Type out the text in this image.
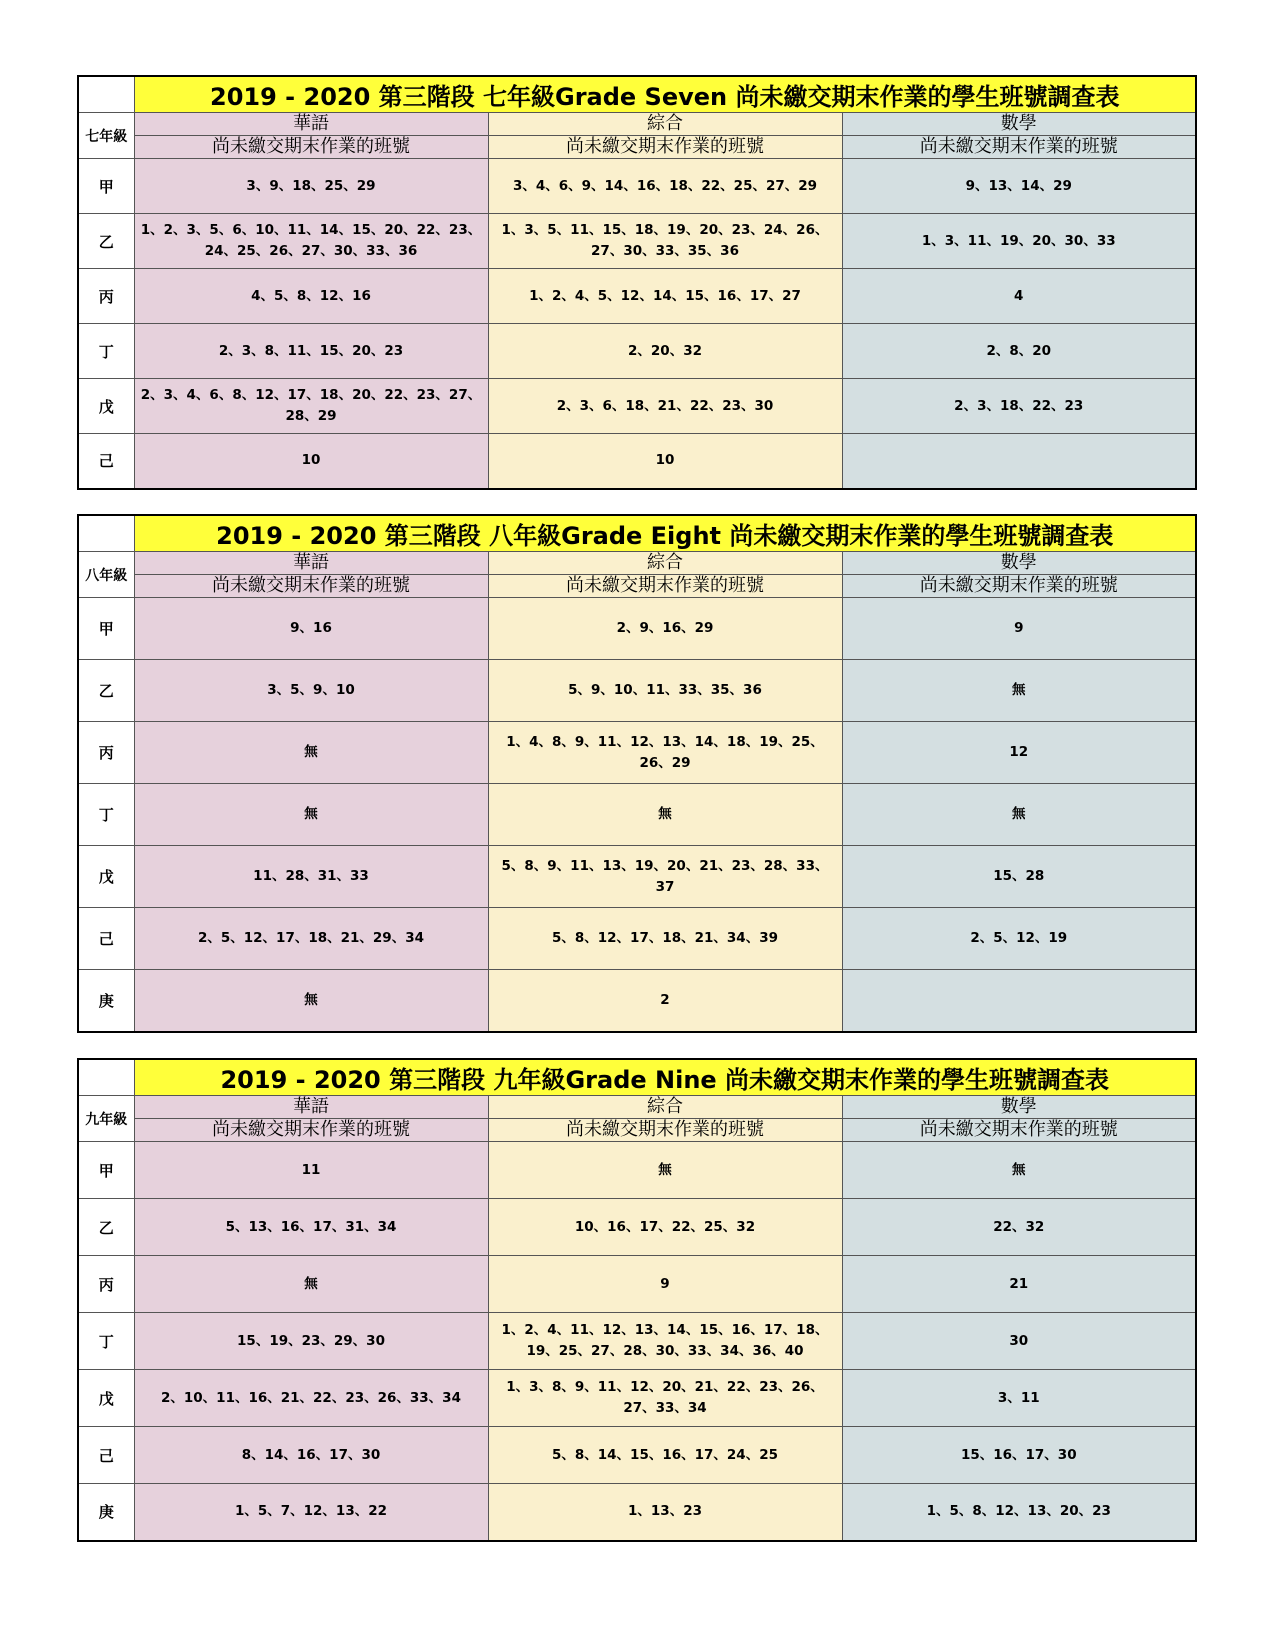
	2019 - 2020 第三階段 七年級Grade Seven 尚未繳交期末作業的學生班號調查表		
七年級	華語	綜合	數學
	尚未繳交期末作業的班號	尚未繳交期末作業的班號	尚未繳交期末作業的班號
甲	3、9、18、25、29	3、4、6、9、14、16、18、22、25、27、29	9、13、14、29
乙	1、2、3、5、6、10、11、14、15、20、22、23、24、25、26、27、30、33、36	1、3、5、11、15、18、19、20、23、24、26、27、30、33、35、36	1、3、11、19、20、30、33
丙	4、5、8、12、16	1、2、4、5、12、14、15、16、17、27	4
丁	2、3、8、11、15、20、23	2、20、32	2、8、20
戊	2、3、4、6、8、12、17、18、20、22、23、27、28、29	2、3、6、18、21、22、23、30	2、3、18、22、23
己	10	10	
	2019 - 2020 第三階段 八年級Grade Eight 尚未繳交期末作業的學生班號調查表		
八年級	華語	綜合	數學
	尚未繳交期末作業的班號	尚未繳交期末作業的班號	尚未繳交期末作業的班號
甲	9、16	2、9、16、29	9
乙	3、5、9、10	5、9、10、11、33、35、36	無
丙	無	1、4、8、9、11、12、13、14、18、19、25、26、29	12
丁	無	無	無
戊	11、28、31、33	5、8、9、11、13、19、20、21、23、28、33、37	15、28
己	2、5、12、17、18、21、29、34	5、8、12、17、18、21、34、39	2、5、12、19
庚	無	2	
	2019 - 2020 第三階段 九年級Grade Nine 尚未繳交期末作業的學生班號調查表		
九年級	華語	綜合	數學
	尚未繳交期末作業的班號	尚未繳交期末作業的班號	尚未繳交期末作業的班號
甲	11	無	無
乙	5、13、16、17、31、34	10、16、17、22、25、32	22、32
丙	無	9	21
丁	15、19、23、29、30	1、2、4、11、12、13、14、15、16、17、18、19、25、27、28、30、33、34、36、40	30
戊	2、10、11、16、21、22、23、26、33、34	1、3、8、9、11、12、20、21、22、23、26、27、33、34	3、11
己	8、14、16、17、30	5、8、14、15、16、17、24、25	15、16、17、30
庚	1、5、7、12、13、22	1、13、23	1、5、8、12、13、20、23
